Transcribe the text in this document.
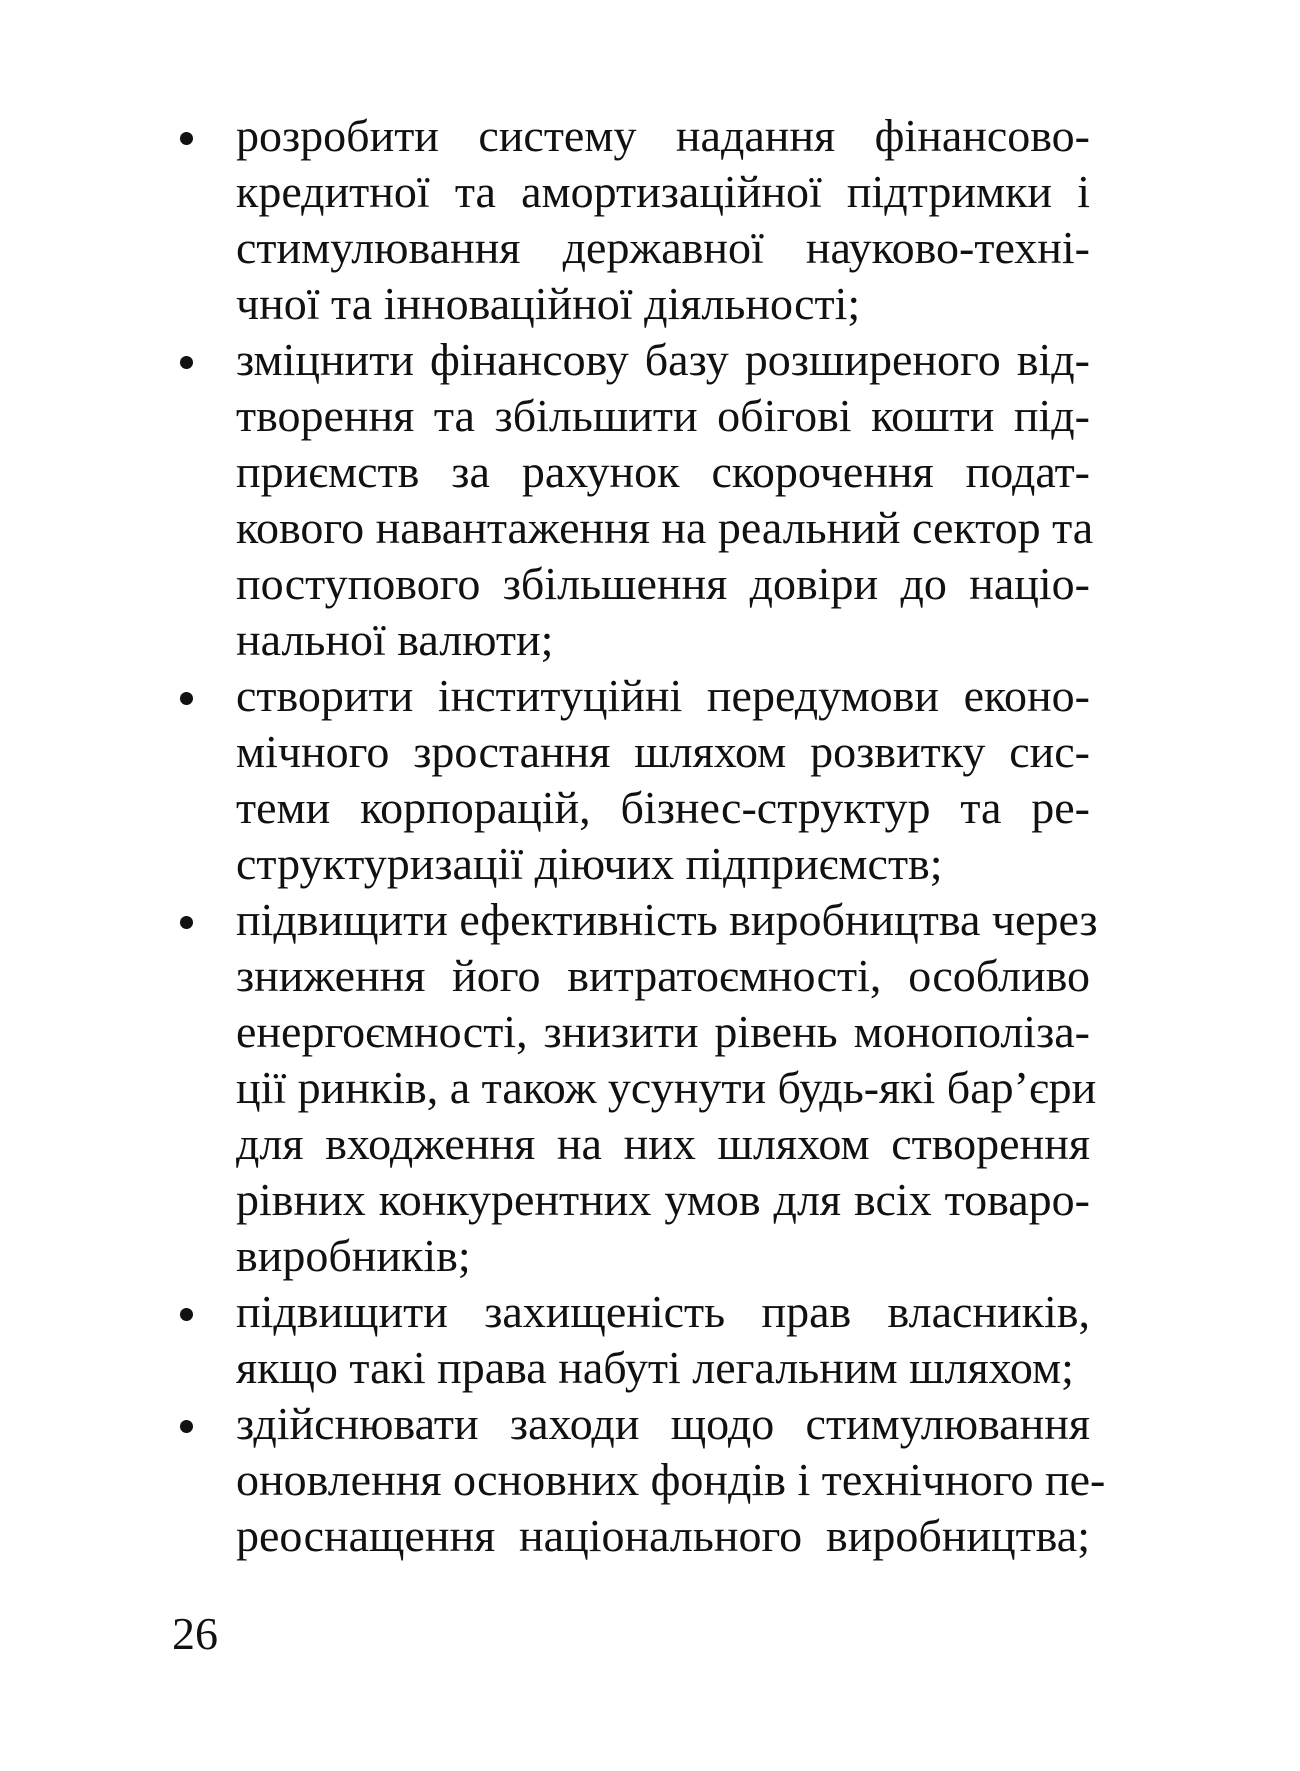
розробити систему надання фінансово-
кредитної та амортизаційної підтримки і
стимулювання державної науково-техні-
чної та інноваційної діяльності;
зміцнити фінансову базу розширеного від-
творення та збільшити обігові кошти під-
приємств за рахунок скорочення подат-
кового навантаження на реальний сектор та
поступового збільшення довіри до націо-
нальної валюти;
створити інституційні передумови еконо-
мічного зростання шляхом розвитку сис-
теми корпорацій, бізнес-структур та ре-
структуризації діючих підприємств;
підвищити ефективність виробництва через
зниження його витратоємності, особливо
енергоємності, знизити рівень монополіза-
ції ринків, а також усунути будь-які бар’єри
для входження на них шляхом створення
рівних конкурентних умов для всіх товаро-
виробників;
підвищити захищеність прав власників,
якщо такі права набуті легальним шляхом;
здійснювати заходи щодо стимулювання
оновлення основних фондів і технічного пе-
реоснащення національного виробництва;
26
